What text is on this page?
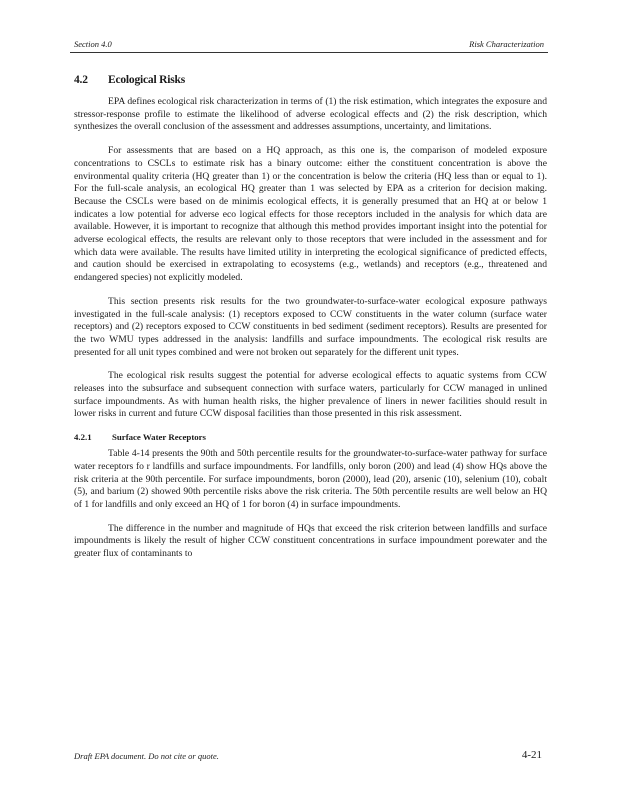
Section 4.0	Risk Characterization
4.2 Ecological Risks

EPA defines ecological risk characterization in terms of (1) the risk estimation, which integrates the exposure and stressor-response profile to estimate the likelihood of adverse ecological effects and (2) the risk description, which synthesizes the overall conclusion of the assessment and addresses assumptions, uncertainty, and limitations.

For assessments that are based on a HQ approach, as this one is, the comparison of modeled exposure concentrations to CSCLs to estimate risk has a binary outcome: either the constituent concentration is above the environmental quality criteria (HQ greater than 1) or the concentration is below the criteria (HQ less than or equal to 1). For the full-scale analysis, an ecological HQ greater than 1 was selected by EPA as a criterion for decision making. Because the CSCLs were based on de minimis ecological effects, it is generally presumed that an HQ at or below 1 indicates a low potential for adverse eco logical effects for those receptors included in the analysis for which data are available. However, it is important to recognize that although this method provides important insight into the potential for adverse ecological effects, the results are relevant only to those receptors that were included in the assessment and for which data were available. The results have limited utility in interpreting the ecological significance of predicted effects, and caution should be exercised in extrapolating to ecosystems (e.g., wetlands) and receptors (e.g., threatened and endangered species) not explicitly modeled.

This section presents risk results for the two groundwater-to-surface-water ecological exposure pathways investigated in the full-scale analysis: (1) receptors exposed to CCW constituents in the water column (surface water receptors) and (2) receptors exposed to CCW constituents in bed sediment (sediment receptors). Results are presented for the two WMU types addressed in the analysis: landfills and surface impoundments. The ecological risk results are presented for all unit types combined and were not broken out separately for the different unit types.

The ecological risk results suggest the potential for adverse ecological effects to aquatic systems from CCW releases into the subsurface and subsequent connection with surface waters, particularly for CCW managed in unlined surface impoundments. As with human health risks, the higher prevalence of liners in newer facilities should result in lower risks in current and future CCW disposal facilities than those presented in this risk assessment.

4.2.1 Surface Water Receptors

Table 4-14 presents the 90th and 50th percentile results for the groundwater-to-surface-water pathway for surface water receptors fo r landfills and surface impoundments. For landfills, only boron (200) and lead (4) show HQs above the risk criteria at the 90th percentile. For surface impoundments, boron (2000), lead (20), arsenic (10), selenium (10), cobalt (5), and barium (2) showed 90th percentile risks above the risk criteria. The 50th percentile results are well below an HQ of 1 for landfills and only exceed an HQ of 1 for boron (4) in surface impoundments.

The difference in the number and magnitude of HQs that exceed the risk criterion between landfills and surface impoundments is likely the result of higher CCW constituent concentrations in surface impoundment porewater and the greater flux of contaminants to

Draft EPA document. Do not cite or quote.	4-21
